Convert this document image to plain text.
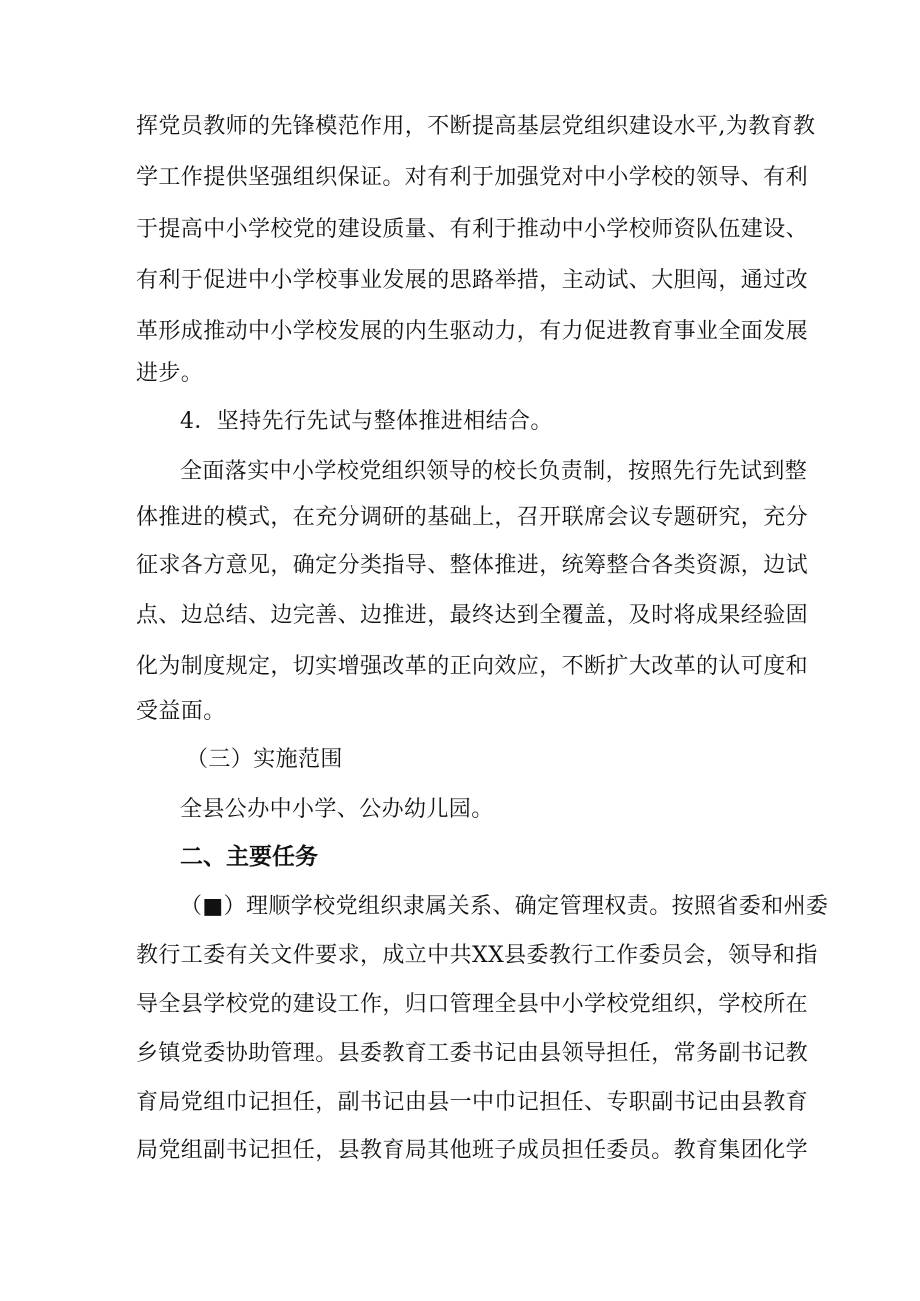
挥党员教师的先锋模范作用，不断提高基层党组织建设水平,为教育教
学工作提供坚强组织保证。对有利于加强党对中小学校的领导、有利
于提高中小学校党的建设质量、有利于推动中小学校师资队伍建设、
有利于促进中小学校事业发展的思路举措，主动试、大胆闯，通过改
革形成推动中小学校发展的内生驱动力，有力促进教育事业全面发展
进步。
4．坚持先行先试与整体推进相结合。
全面落实中小学校党组织领导的校长负责制，按照先行先试到整
体推进的模式，在充分调研的基础上，召开联席会议专题研究，充分
征求各方意见，确定分类指导、整体推进，统筹整合各类资源，边试
点、边总结、边完善、边推进，最终达到全覆盖，及时将成果经验固
化为制度规定，切实增强改革的正向效应，不断扩大改革的认可度和
受益面。
（三）实施范围
全县公办中小学、公办幼儿园。
二、主要任务
（■）理顺学校党组织隶属关系、确定管理权责。按照省委和州委
教行工委有关文件要求，成立中共XX县委教行工作委员会，领导和指
导全县学校党的建设工作，归口管理全县中小学校党组织，学校所在
乡镇党委协助管理。县委教育工委书记由县领导担任，常务副书记教
育局党组巾记担任，副书记由县一中巾记担任、专职副书记由县教育
局党组副书记担任，县教育局其他班子成员担任委员。教育集团化学
